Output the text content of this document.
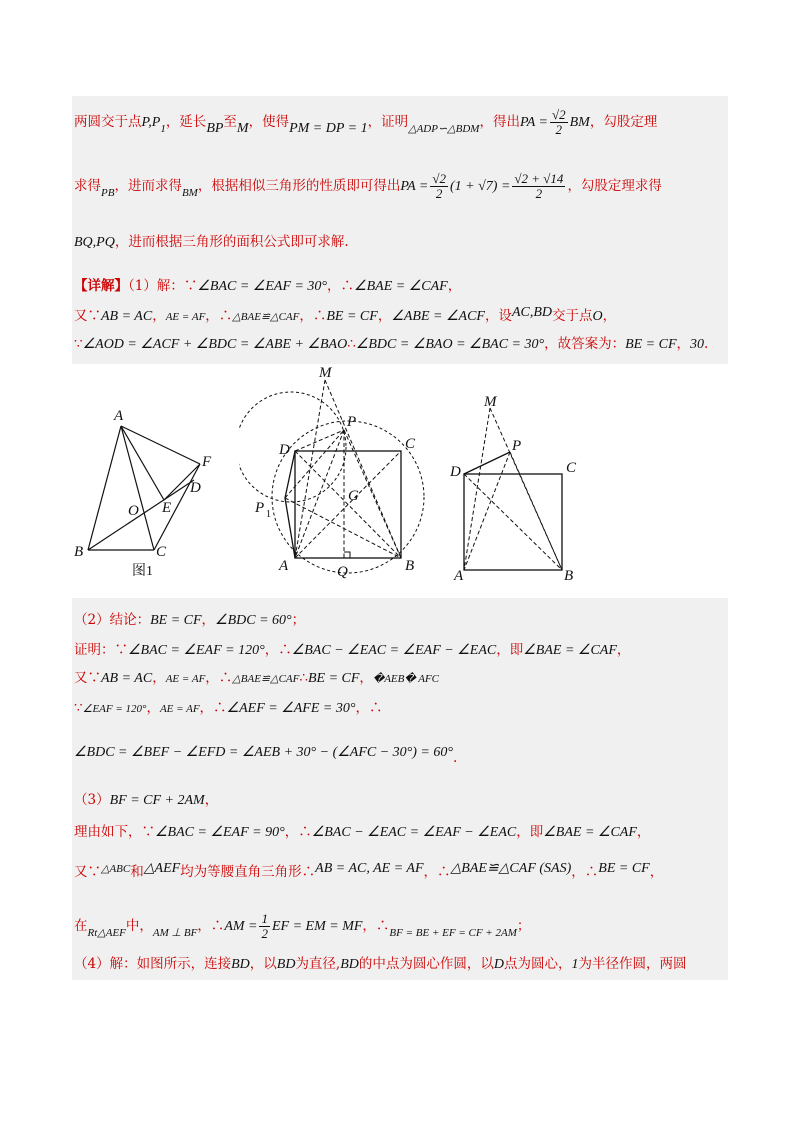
两圆交于点$P,P_1$，延长BP至M，使得PM = DP = 1，证明$_{\triangle ADP∽\triangle BDM}$，得出PA = $\frac{√2}{2}$ BM，勾股定理
求得$_{PB}$，进而求得$_{BM}$，根据相似三角形的性质即可得出PA = $\frac{√2}{2} (1 + √7) = \frac{√2 + √14}{2}$ ，勾股定理求得
BQ,PQ，进而根据三角形的面积公式即可求解.
【详解】（1）解：∵∠BAC = ∠EAF = 30°，∴∠BAE = ∠CAF，
又∵AB = AC，AE = AF，∴△BAE≌△CAF，∴BE = CF，∠ABE = ∠ACF，设AC,BD交于点O，
∵∠AOD = ∠ACF + ∠BDC = ∠ABE + ∠BAO∴∠BDC = ∠BAO = ∠BAC = 30°，故答案为：BE = CF，30.
A
F
D
E
O
B	C
图1
M
P
D	C
G
P 1
A	Q	B
M
P
D	C
A	B
（2）结论：BE = CF，∠BDC = 60°；
证明：∵∠BAC = ∠EAF = 120°，∴∠BAC − ∠EAC = ∠EAF − ∠EAC，即∠BAE = ∠CAF，
又∵AB = AC，AE = AF，∴△BAE≌△CAF∴BE = CF，�AEB� AFC
∵∠EAF = 120°，AE = AF，∴∠AEF = ∠AFE = 30°，∴
∠BDC = ∠BEF − ∠EFD = ∠AEB + 30° − (∠AFC − 30°) = 60°.
（3）BF = CF + 2AM，
理由如下，∵∠BAC = ∠EAF = 90°，∴∠BAC − ∠EAC = ∠EAF − ∠EAC，即∠BAE = ∠CAF，
又∵$^{\triangle ABC}$和△AEF均为等腰直角三角形∴AB = AC, AE = AF，∴△BAE≌△CAF (SAS)，∴BE = CF，
在$_{Rt\triangle AEF}$中，$_{AM \perp BF}$，∴AM = $\frac{1}{2}$ EF = EM = MF，$\therefore_{BF = BE + EF = CF + 2AM}$；
（4）解：如图所示，连接BD，以BD为直径,BD的中点为圆心作圆，以D点为圆心，1为半径作圆，两圆
